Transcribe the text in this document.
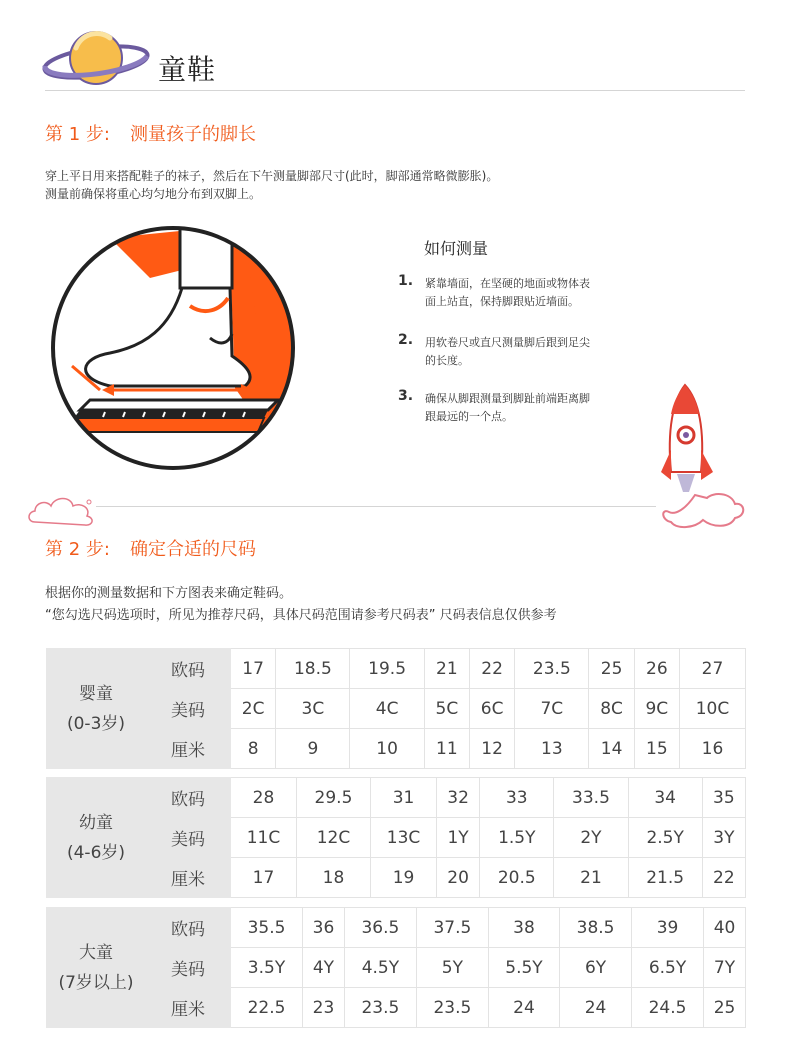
童鞋
第 1 步: 测量孩子的脚长
穿上平日用来搭配鞋子的袜子，然后在下午测量脚部尺寸(此时，脚部通常略微膨胀)。
测量前确保将重心均匀地分布到双脚上。
如何测量
1. 紧靠墙面，在坚硬的地面或物体表面上站直，保持脚跟贴近墙面。
2. 用软卷尺或直尺测量脚后跟到足尖的长度。
3. 确保从脚跟测量到脚趾前端距离脚跟最远的一个点。
第 2 步: 确定合适的尺码
根据你的测量数据和下方图表来确定鞋码。
“您勾选尺码选项时，所见为推荐尺码，具体尺码范围请参考尺码表” 尺码表信息仅供参考
婴童
(0-3岁)	欧码	17	18.5	19.5	21	22	23.5	25	26	27
	美码	2C	3C	4C	5C	6C	7C	8C	9C	10C
	厘米	8	9	10	11	12	13	14	15	16
幼童
(4-6岁)	欧码	28	29.5	31	32	33	33.5	34	35
	美码	11C	12C	13C	1Y	1.5Y	2Y	2.5Y	3Y
	厘米	17	18	19	20	20.5	21	21.5	22
大童
(7岁以上)	欧码	35.5	36	36.5	37.5	38	38.5	39	40
	美码	3.5Y	4Y	4.5Y	5Y	5.5Y	6Y	6.5Y	7Y
	厘米	22.5	23	23.5	23.5	24	24	24.5	25
